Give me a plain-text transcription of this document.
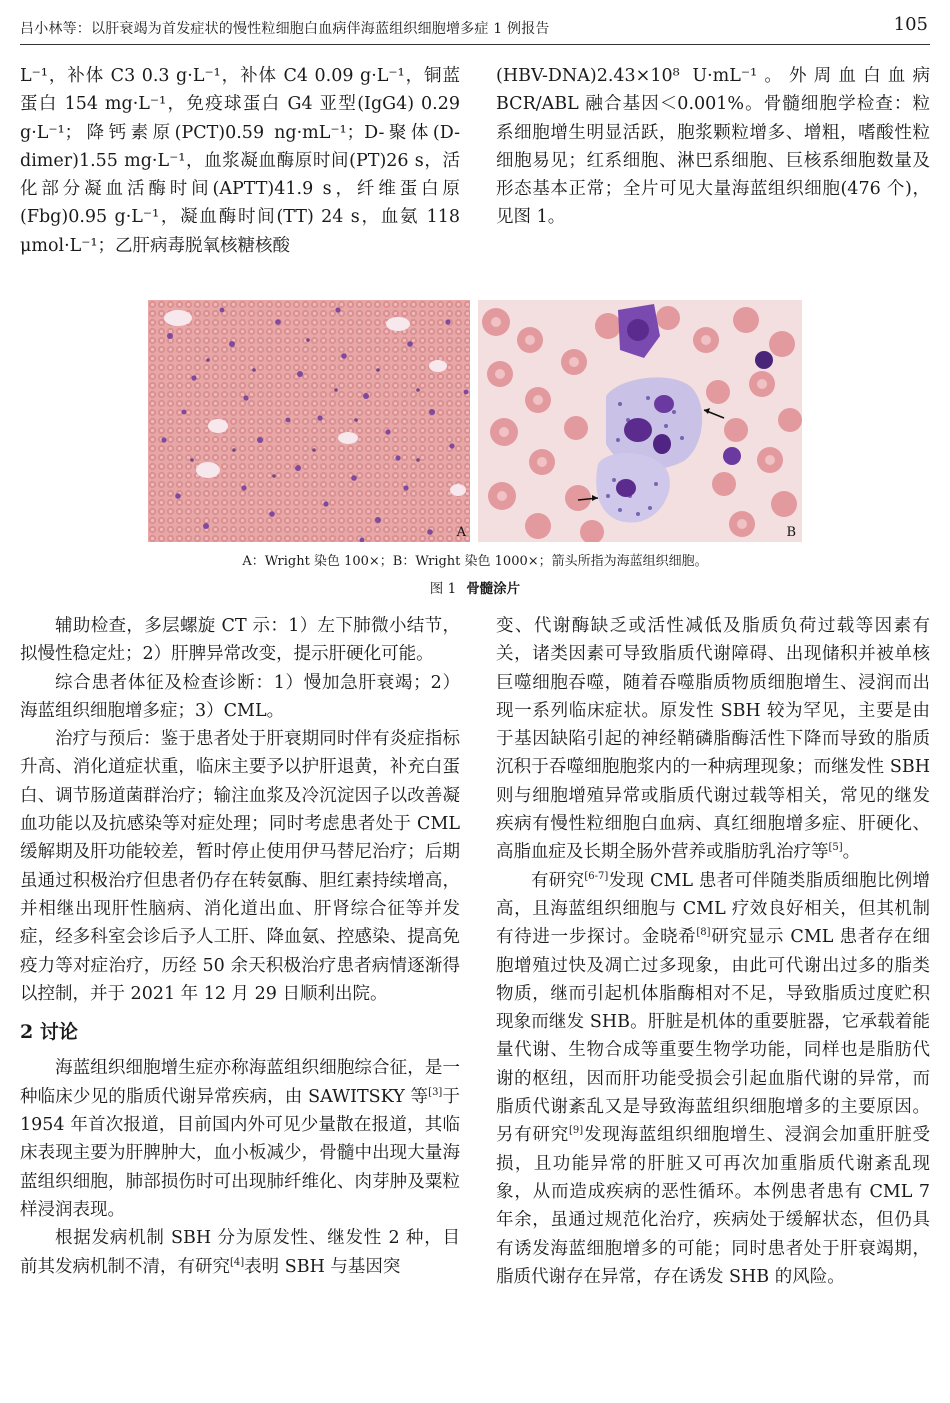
吕小林等：以肝衰竭为首发症状的慢性粒细胞白血病伴海蓝组织细胞增多症 1 例报告	105

L⁻¹，补体 C3 0.3 g·L⁻¹，补体 C4 0.09 g·L⁻¹，铜蓝蛋白 154 mg·L⁻¹，免疫球蛋白 G4 亚型(IgG4) 0.29 g·L⁻¹；降钙素原(PCT)0.59 ng·mL⁻¹；D-聚体(D-dimer)1.55 mg·L⁻¹，血浆凝血酶原时间(PT)26 s，活化部分凝血活酶时间(APTT)41.9 s，纤维蛋白原(Fbg)0.95 g·L⁻¹，凝血酶时间(TT) 24 s，血氨 118 μmol·L⁻¹；乙肝病毒脱氧核糖核酸

(HBV-DNA)2.43×10⁸ U·mL⁻¹。外周血白血病 BCR/ABL 融合基因＜0.001%。骨髓细胞学检查：粒系细胞增生明显活跃，胞浆颗粒增多、增粗，嗜酸性粒细胞易见；红系细胞、淋巴系细胞、巨核系细胞数量及形态基本正常；全片可见大量海蓝组织细胞(476 个)，见图 1。

A	B
A：Wright 染色 100×；B：Wright 染色 1000×；箭头所指为海蓝组织细胞。
图 1 骨髓涂片

辅助检查，多层螺旋 CT 示：1）左下肺微小结节，拟慢性稳定灶；2）肝脾异常改变，提示肝硬化可能。

综合患者体征及检查诊断：1）慢加急肝衰竭；2）海蓝组织细胞增多症；3）CML。

治疗与预后：鉴于患者处于肝衰期同时伴有炎症指标升高、消化道症状重，临床主要予以护肝退黄，补充白蛋白、调节肠道菌群治疗；输注血浆及冷沉淀因子以改善凝血功能以及抗感染等对症处理；同时考虑患者处于 CML 缓解期及肝功能较差，暂时停止使用伊马替尼治疗；后期虽通过积极治疗但患者仍存在转氨酶、胆红素持续增高，并相继出现肝性脑病、消化道出血、肝肾综合征等并发症，经多科室会诊后予人工肝、降血氨、控感染、提高免疫力等对症治疗，历经 50 余天积极治疗患者病情逐渐得以控制，并于 2021 年 12 月 29 日顺利出院。

2 讨论

海蓝组织细胞增生症亦称海蓝组织细胞综合征，是一种临床少见的脂质代谢异常疾病，由 SAWITSKY 等[3]于 1954 年首次报道，目前国内外可见少量散在报道，其临床表现主要为肝脾肿大，血小板减少，骨髓中出现大量海蓝组织细胞，肺部损伤时可出现肺纤维化、肉芽肿及粟粒样浸润表现。

根据发病机制 SBH 分为原发性、继发性 2 种，目前其发病机制不清，有研究[4]表明 SBH 与基因突

变、代谢酶缺乏或活性减低及脂质负荷过载等因素有关，诸类因素可导致脂质代谢障碍、出现储积并被单核巨噬细胞吞噬，随着吞噬脂质物质细胞增生、浸润而出现一系列临床症状。原发性 SBH 较为罕见，主要是由于基因缺陷引起的神经鞘磷脂酶活性下降而导致的脂质沉积于吞噬细胞胞浆内的一种病理现象；而继发性 SBH 则与细胞增殖异常或脂质代谢过载等相关，常见的继发疾病有慢性粒细胞白血病、真红细胞增多症、肝硬化、高脂血症及长期全肠外营养或脂肪乳治疗等[5]。

有研究[6-7]发现 CML 患者可伴随类脂质细胞比例增高，且海蓝组织细胞与 CML 疗效良好相关，但其机制有待进一步探讨。金晓希[8]研究显示 CML 患者存在细胞增殖过快及凋亡过多现象，由此可代谢出过多的脂类物质，继而引起机体脂酶相对不足，导致脂质过度贮积现象而继发 SHB。肝脏是机体的重要脏器，它承载着能量代谢、生物合成等重要生物学功能，同样也是脂肪代谢的枢纽，因而肝功能受损会引起血脂代谢的异常，而脂质代谢紊乱又是导致海蓝组织细胞增多的主要原因。另有研究[9]发现海蓝组织细胞增生、浸润会加重肝脏受损，且功能异常的肝脏又可再次加重脂质代谢紊乱现象，从而造成疾病的恶性循环。本例患者患有 CML 7 年余，虽通过规范化治疗，疾病处于缓解状态，但仍具有诱发海蓝细胞增多的可能；同时患者处于肝衰竭期，脂质代谢存在异常，存在诱发 SHB 的风险。
